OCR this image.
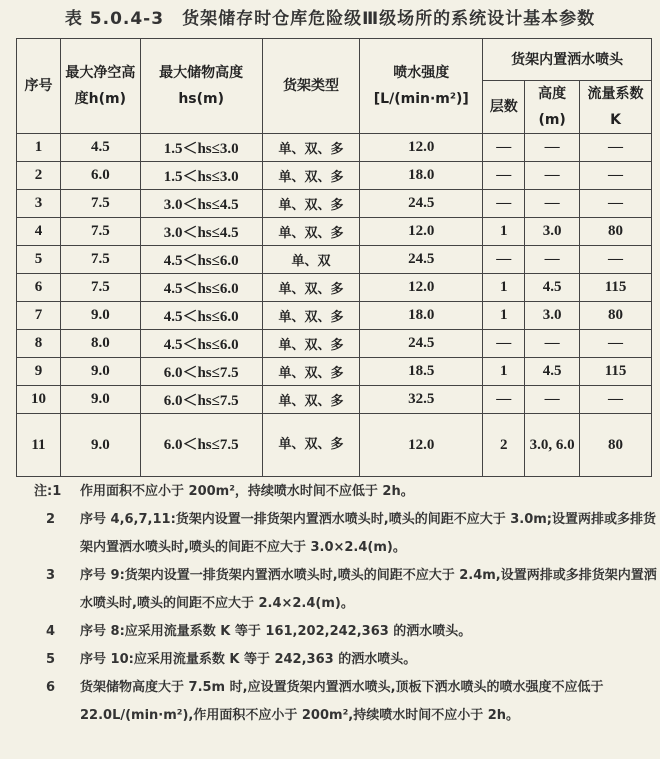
表 5.0.4-3　货架储存时仓库危险级Ⅲ级场所的系统设计基本参数
序号	最大净空高度h(m)	最大储物高度 hs(m)	货架类型	喷水强度 [L/(min·m²)]	货架内置洒水喷头		
					层数	高度 (m)	流量系数 K
1	4.5	1.5＜hs≤3.0	单、双、多	12.0	—	—	—
2	6.0	1.5＜hs≤3.0	单、双、多	18.0	—	—	—
3	7.5	3.0＜hs≤4.5	单、双、多	24.5	—	—	—
4	7.5	3.0＜hs≤4.5	单、双、多	12.0	1	3.0	80
5	7.5	4.5＜hs≤6.0	单、双	24.5	—	—	—
6	7.5	4.5＜hs≤6.0	单、双、多	12.0	1	4.5	115
7	9.0	4.5＜hs≤6.0	单、双、多	18.0	1	3.0	80
8	8.0	4.5＜hs≤6.0	单、双、多	24.5	—	—	—
9	9.0	6.0＜hs≤7.5	单、双、多	18.5	1	4.5	115
10	9.0	6.0＜hs≤7.5	单、双、多	32.5	—	—	—
11	9.0	6.0＜hs≤7.5	单、双、多	12.0	2	3.0, 6.0	80
注:1	作用面积不应小于 200m²，持续喷水时间不应低于 2h。
2	序号 4,6,7,11:货架内设置一排货架内置洒水喷头时,喷头的间距不应大于 3.0m;设置两排或多排货架内置洒水喷头时,喷头的间距不应大于 3.0×2.4(m)。
3	序号 9:货架内设置一排货架内置洒水喷头时,喷头的间距不应大于 2.4m,设置两排或多排货架内置洒水喷头时,喷头的间距不应大于 2.4×2.4(m)。
4	序号 8:应采用流量系数 K 等于 161,202,242,363 的洒水喷头。
5	序号 10:应采用流量系数 K 等于 242,363 的洒水喷头。
6	货架储物高度大于 7.5m 时,应设置货架内置洒水喷头,顶板下洒水喷头的喷水强度不应低于 22.0L/(min·m²),作用面积不应小于 200m²,持续喷水时间不应小于 2h。
